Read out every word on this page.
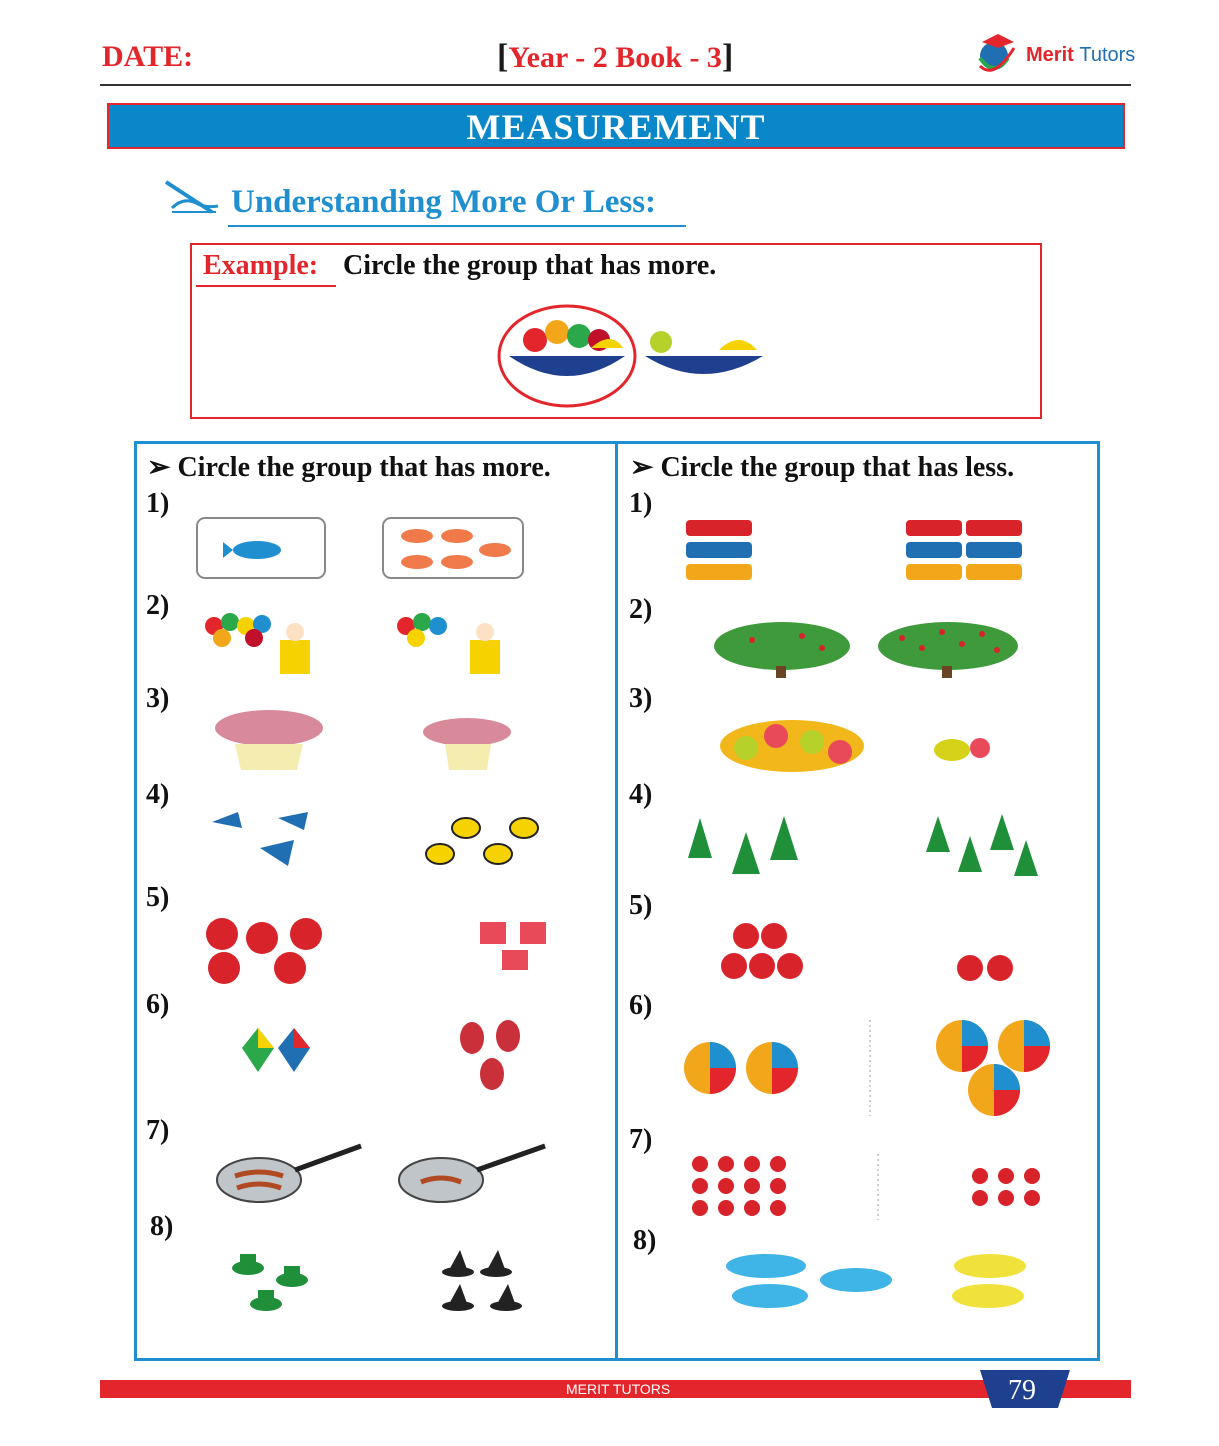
DATE:	[Year - 2 Book - 3]	Merit Tutors
MEASUREMENT
Understanding More Or Less:
Example: Circle the group that has more.
➢ Circle the group that has more.	➢ Circle the group that has less.
1)
2)
3)
4)
5)
6)
7)
8)
1)
2)
3)
4)
5)
6)
7)
8)
MERIT TUTORS	79
